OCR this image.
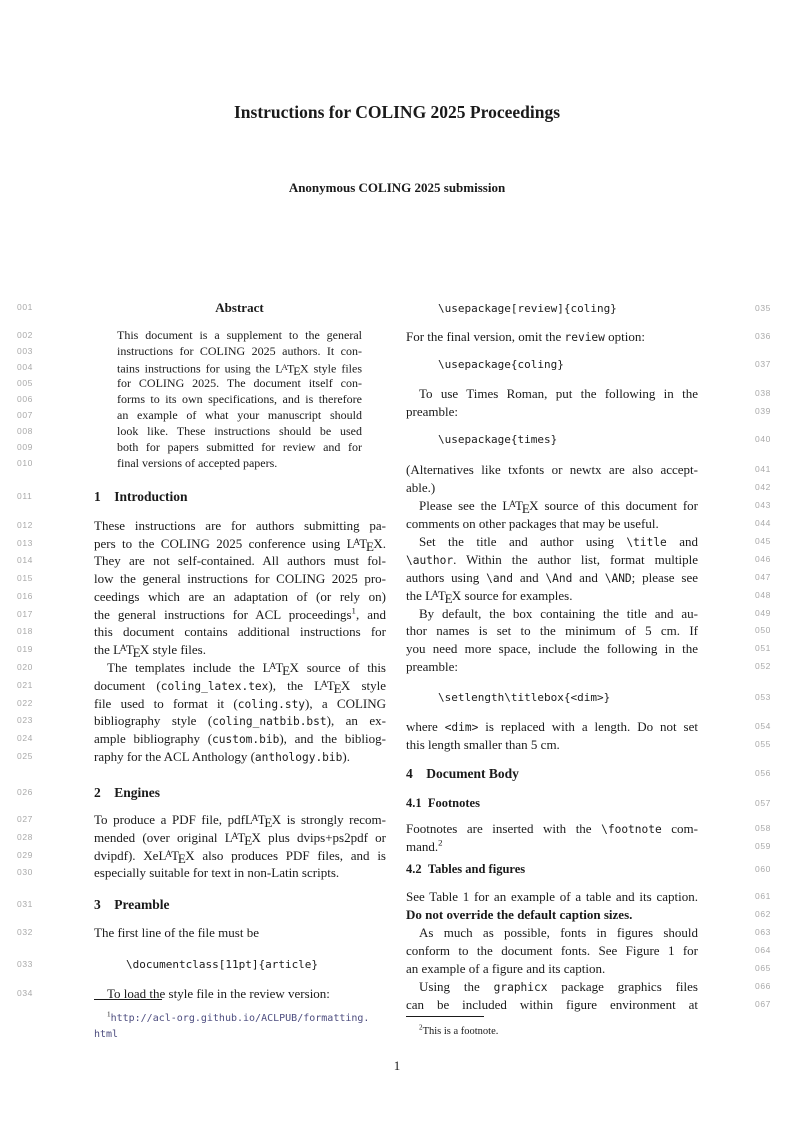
Instructions for COLING 2025 Proceedings
Anonymous COLING 2025 submission
001	Abstract
002	This document is a supplement to the general
003	instructions for COLING 2025 authors. It con-
004	tains instructions for using the $L^ATEX$ style files
005	for COLING 2025. The document itself con-
006	forms to its own specifications, and is therefore
007	an example of what your manuscript should
008	look like. These instructions should be used
009	both for papers submitted for review and for
010	final versions of accepted papers.
011	1 Introduction
012	These instructions are for authors submitting pa-
013	pers to the COLING 2025 conference using $L^ATEX$.
014	They are not self-contained. All authors must fol-
015	low the general instructions for COLING 2025 pro-
016	ceedings which are an adaptation of (or rely on)
017	the general instructions for ACL proceedings$^1$, and
018	this document contains additional instructions for
019	the $L^ATEX$ style files.
020	The templates include the $L^ATEX$ source of this
021	document (coling_latex.tex), the $L^ATEX$ style
022	file used to format it (coling.sty), a COLING
023	bibliography style (coling_natbib.bst), an ex-
024	ample bibliography (custom.bib), and the bibliog-
025	raphy for the ACL Anthology (anthology.bib).
026	2 Engines
027	To produce a PDF file, pdfL$^A$TEX is strongly recom-
028	mended (over original $L^ATEX$ plus dvips+ps2pdf or
029	dvipdf). XeL$^A$TEX also produces PDF files, and is
030	especially suitable for text in non-Latin scripts.
031	3 Preamble
032	The first line of the file must be
033	\documentclass[11pt]{article}
034	To load the style file in the review version:
$^1$http://acl-org.github.io/ACLPUB/formatting.
html
035
\usepackage[review]{coling}
036
For the final version, omit the review option:
037
\usepackage{coling}
038
To use Times Roman, put the following in the
039
preamble:
040
\usepackage{times}
041
(Alternatives like txfonts or newtx are also accept-
042
able.)
043
Please see the $L^ATEX$ source of this document for
044
comments on other packages that may be useful.
045
Set the title and author using \title and
046
\author. Within the author list, format multiple
047
authors using \and and \And and \AND; please see
048
the $L^ATEX$ source for examples.
049
By default, the box containing the title and au-
050
thor names is set to the minimum of 5 cm. If
051
you need more space, include the following in the
052
preamble:
053
\setlength\titlebox{<dim>}
054
where <dim> is replaced with a length. Do not set
055
this length smaller than 5 cm.
056
4 Document Body
057
4.1 Footnotes
058
Footnotes are inserted with the \footnote com-
059
mand.$^2$
060
4.2 Tables and figures
061
See Table 1 for an example of a table and its caption.
062
Do not override the default caption sizes.
063
As much as possible, fonts in figures should
064
conform to the document fonts. See Figure 1 for
065
an example of a figure and its caption.
066
Using the graphicx package graphics files
067
can be included within figure environment at
$^2$This is a footnote.
1
